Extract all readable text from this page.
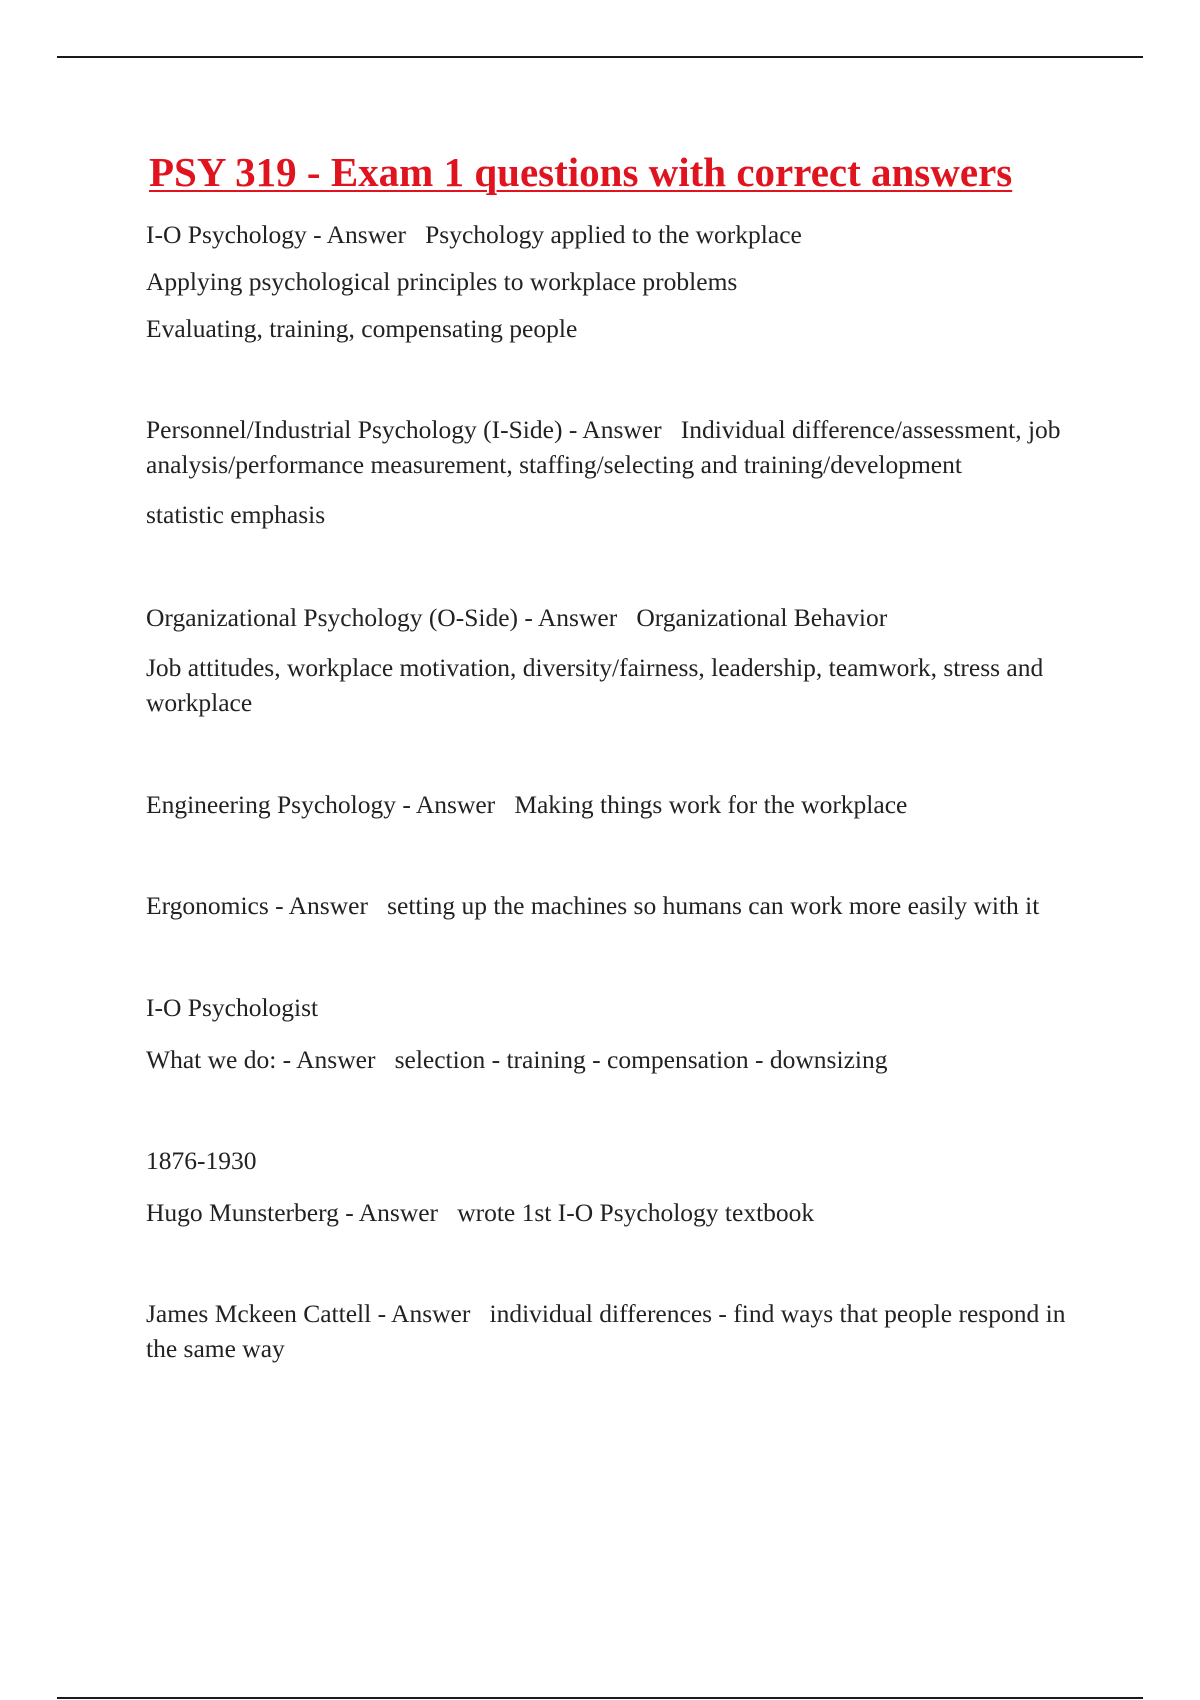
PSY 319 - Exam 1 questions with correct answers

I-O Psychology - Answer Psychology applied to the workplace

Applying psychological principles to workplace problems

Evaluating, training, compensating people

Personnel/Industrial Psychology (I-Side) - Answer Individual difference/assessment, job analysis/performance measurement, staffing/selecting and training/development

statistic emphasis

Organizational Psychology (O-Side) - Answer Organizational Behavior

Job attitudes, workplace motivation, diversity/fairness, leadership, teamwork, stress and workplace

Engineering Psychology - Answer Making things work for the workplace

Ergonomics - Answer setting up the machines so humans can work more easily with it

I-O Psychologist

What we do: - Answer selection - training - compensation - downsizing

1876-1930

Hugo Munsterberg - Answer wrote 1st I-O Psychology textbook

James Mckeen Cattell - Answer individual differences - find ways that people respond in the same way
